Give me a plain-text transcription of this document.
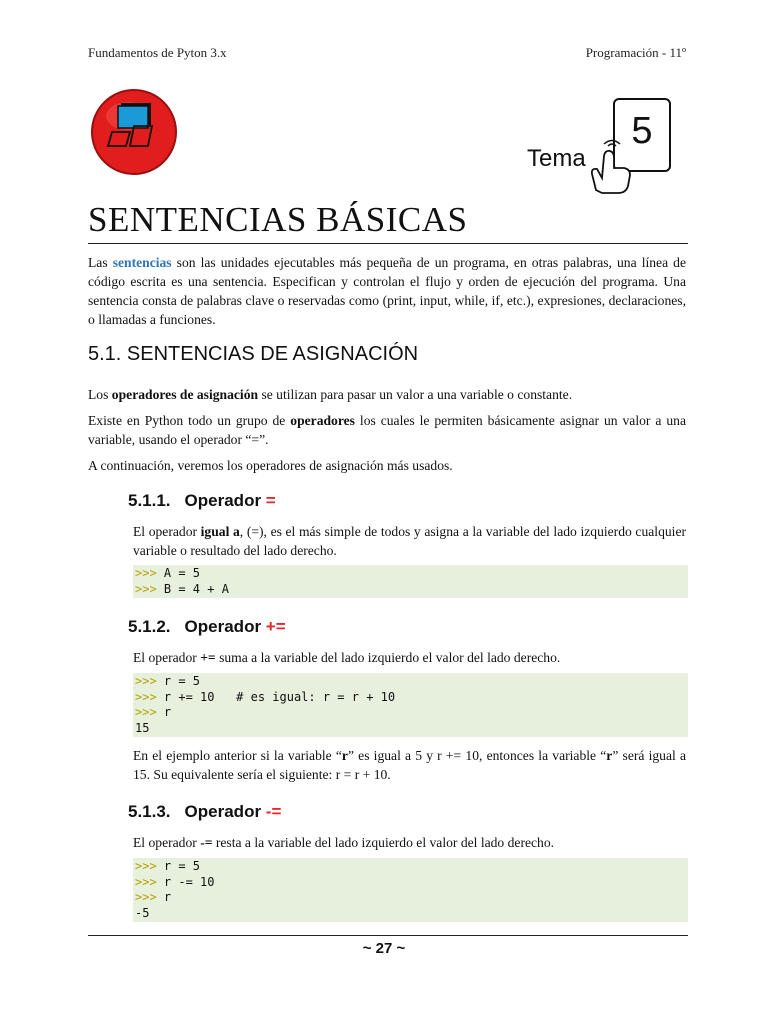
Fundamentos de Pyton 3.x	Programación - 11º
Tema
5
SENTENCIAS BÁSICAS
Las sentencias son las unidades ejecutables más pequeña de un programa, en otras palabras, una línea de código escrita es una sentencia. Especifican y controlan el flujo y orden de ejecución del programa. Una sentencia consta de palabras clave o reservadas como (print, input, while, if, etc.), expresiones, declaraciones, o llamadas a funciones.
5.1. SENTENCIAS DE ASIGNACIÓN
Los operadores de asignación se utilizan para pasar un valor a una variable o constante.
Existe en Python todo un grupo de operadores los cuales le permiten básicamente asignar un valor a una variable, usando el operador “=”.
A continuación, veremos los operadores de asignación más usados.
5.1.1. Operador =
El operador igual a, (=), es el más simple de todos y asigna a la variable del lado izquierdo cualquier variable o resultado del lado derecho.
>>> A = 5
>>> B = 4 + A
5.1.2. Operador +=
El operador += suma a la variable del lado izquierdo el valor del lado derecho.
>>> r = 5
>>> r += 10   # es igual: r = r + 10
>>> r
15
En el ejemplo anterior si la variable “r” es igual a 5 y r += 10, entonces la variable “r” será igual a 15. Su equivalente sería el siguiente: r = r + 10.
5.1.3. Operador -=
El operador -= resta a la variable del lado izquierdo el valor del lado derecho.
>>> r = 5
>>> r -= 10
>>> r
-5
~ 27 ~
